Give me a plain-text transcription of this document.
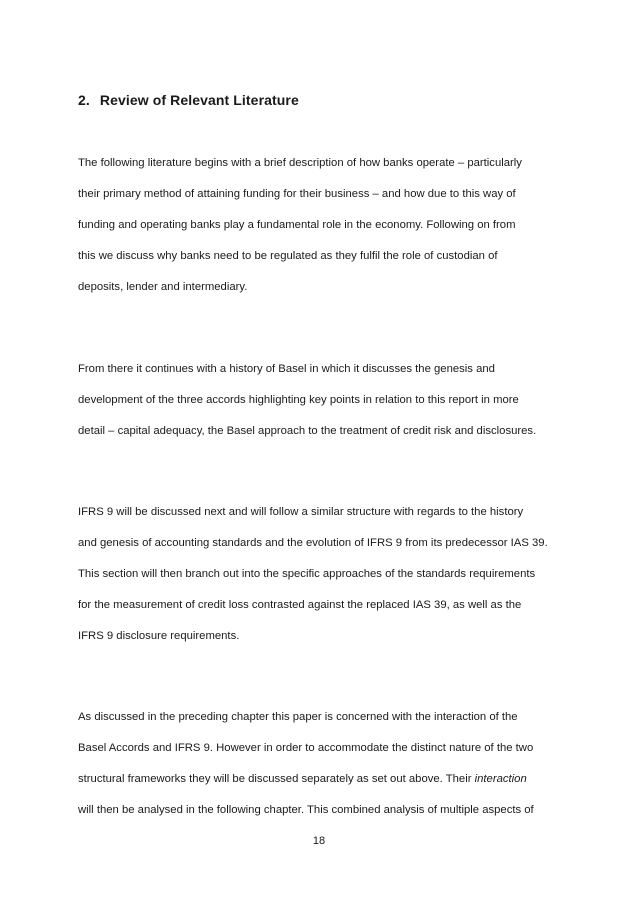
2. Review of Relevant Literature
The following literature begins with a brief description of how banks operate – particularly
their primary method of attaining funding for their business – and how due to this way of
funding and operating banks play a fundamental role in the economy. Following on from
this we discuss why banks need to be regulated as they fulfil the role of custodian of
deposits, lender and intermediary.
From there it continues with a history of Basel in which it discusses the genesis and
development of the three accords highlighting key points in relation to this report in more
detail – capital adequacy, the Basel approach to the treatment of credit risk and disclosures.
IFRS 9 will be discussed next and will follow a similar structure with regards to the history
and genesis of accounting standards and the evolution of IFRS 9 from its predecessor IAS 39.
This section will then branch out into the specific approaches of the standards requirements
for the measurement of credit loss contrasted against the replaced IAS 39, as well as the
IFRS 9 disclosure requirements.
As discussed in the preceding chapter this paper is concerned with the interaction of the
Basel Accords and IFRS 9. However in order to accommodate the distinct nature of the two
structural frameworks they will be discussed separately as set out above. Their interaction
will then be analysed in the following chapter. This combined analysis of multiple aspects of
18
